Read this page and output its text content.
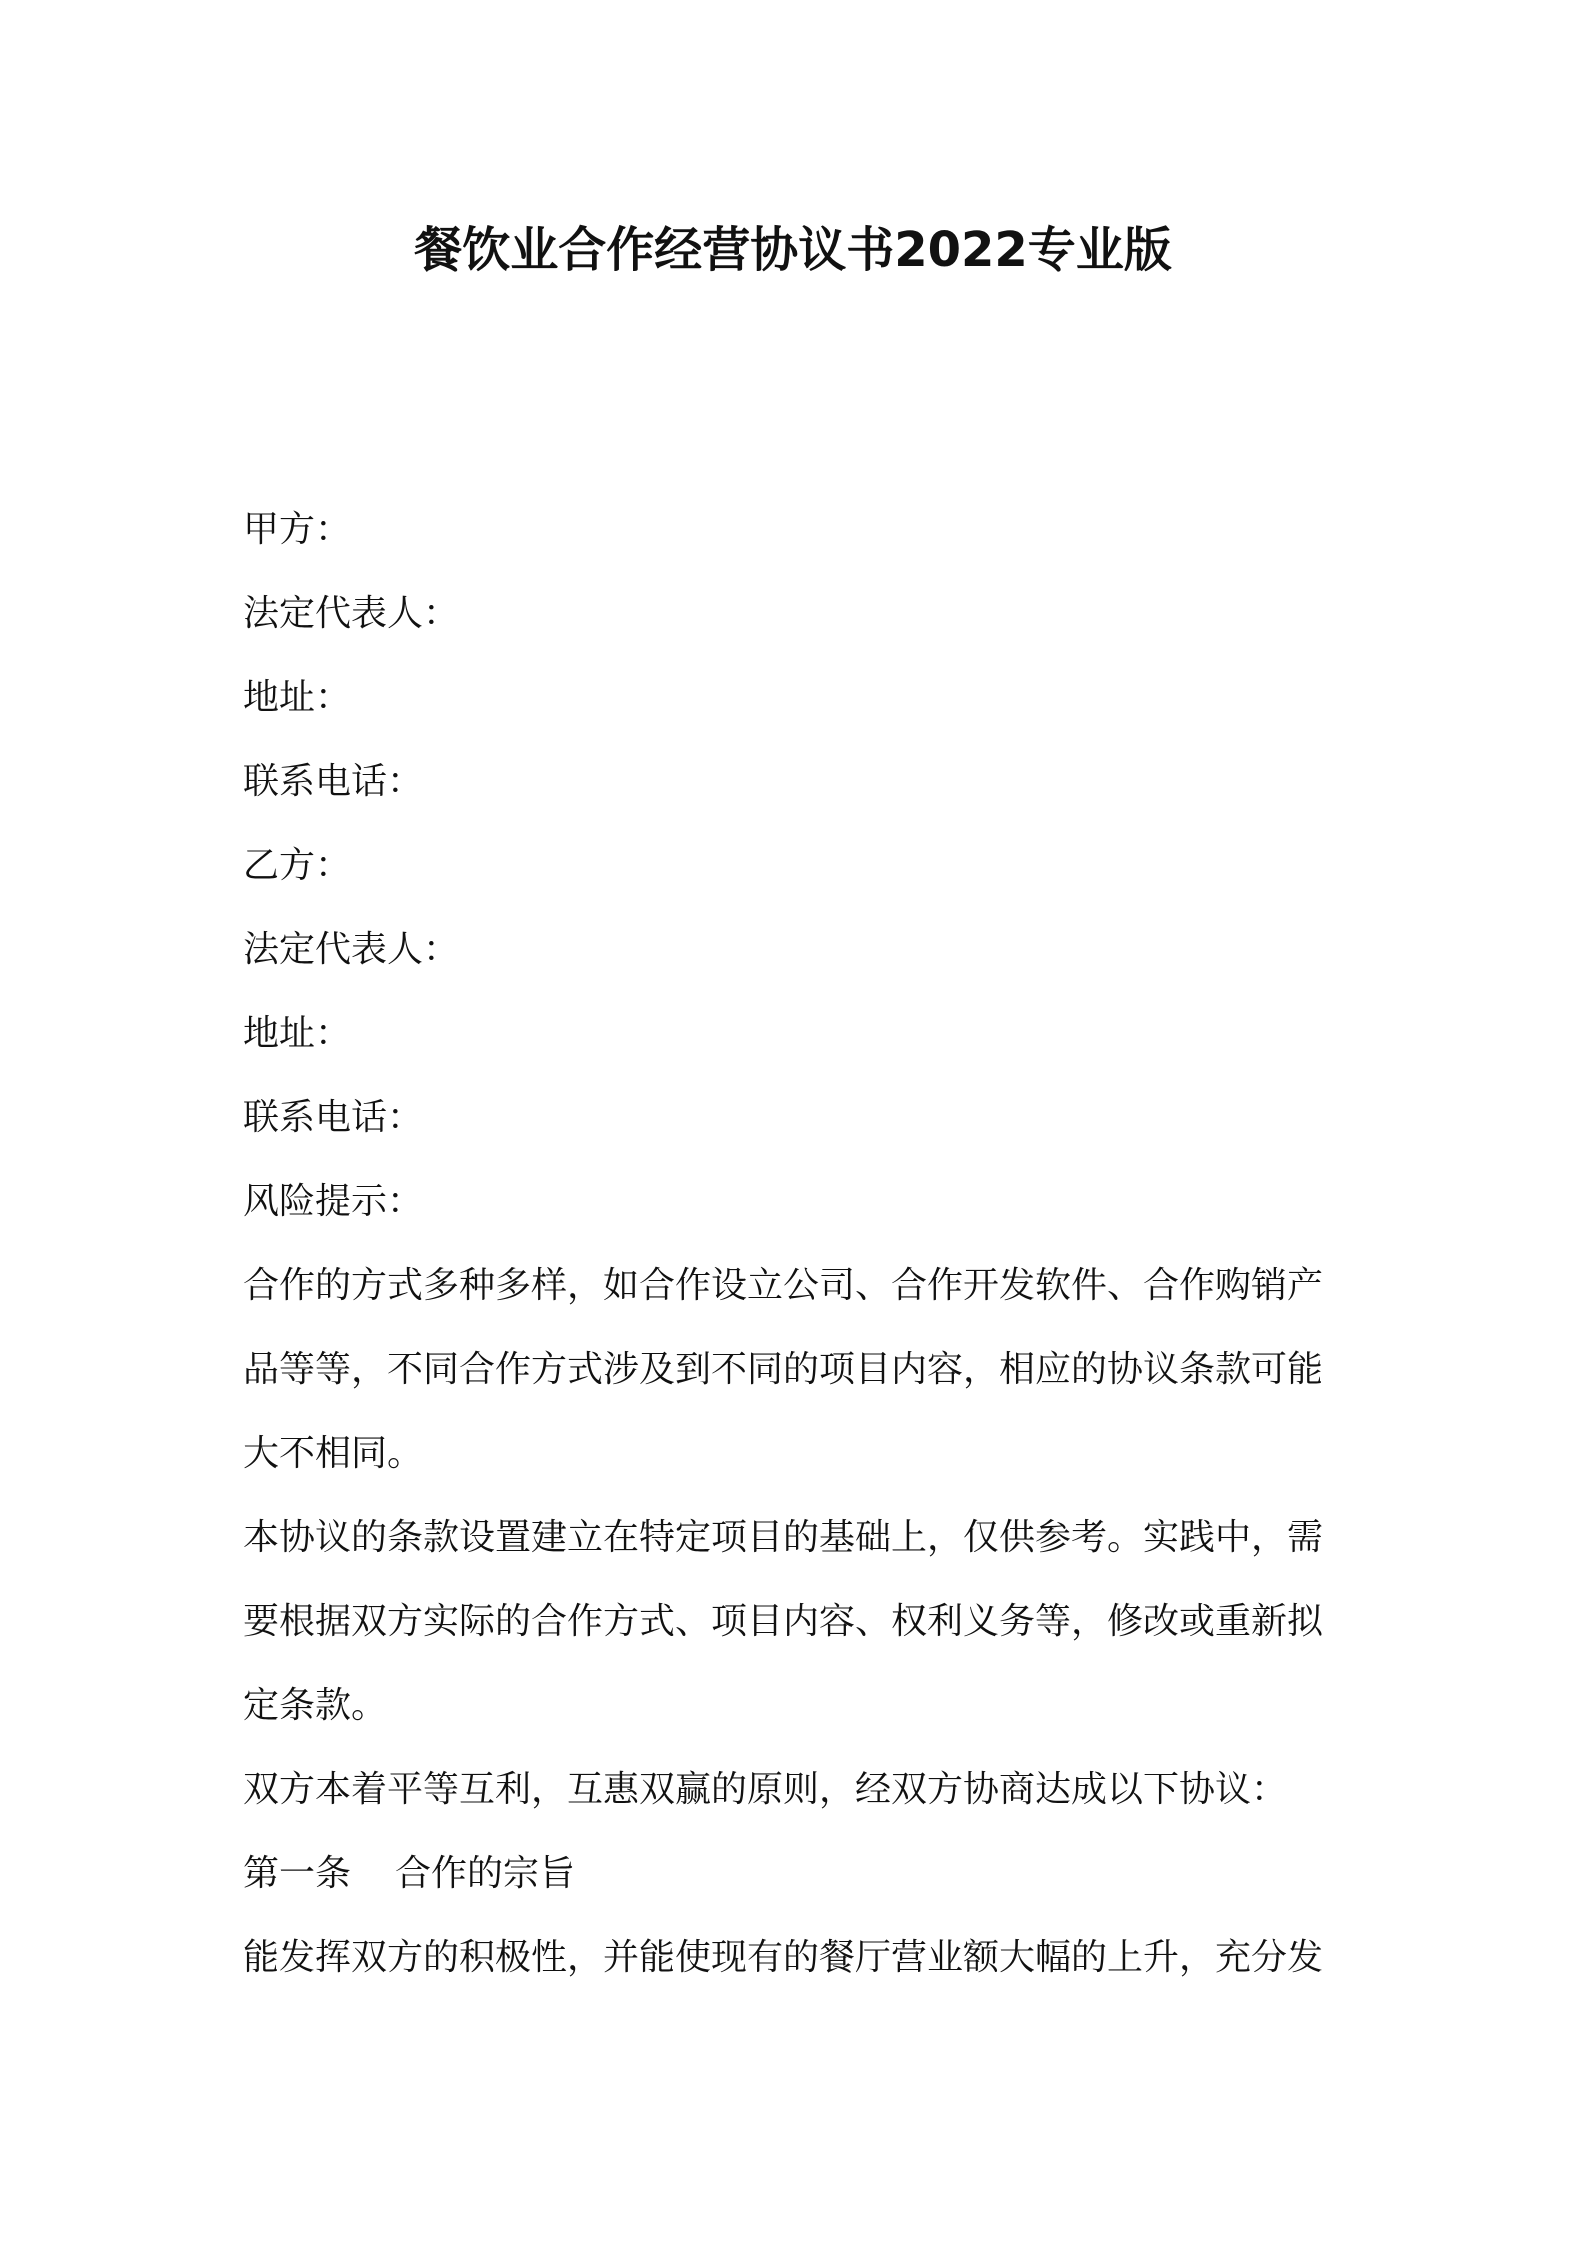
餐饮业合作经营协议书2022专业版
甲方：
法定代表人：
地址：
联系电话：
乙方：
法定代表人：
地址：
联系电话：
风险提示：
合作的方式多种多样，如合作设立公司、合作开发软件、合作购销产
品等等，不同合作方式涉及到不同的项目内容，相应的协议条款可能
大不相同。
本协议的条款设置建立在特定项目的基础上，仅供参考。实践中，需
要根据双方实际的合作方式、项目内容、权利义务等，修改或重新拟
定条款。
双方本着平等互利，互惠双赢的原则，经双方协商达成以下协议：
第一条 合作的宗旨
能发挥双方的积极性，并能使现有的餐厅营业额大幅的上升，充分发
